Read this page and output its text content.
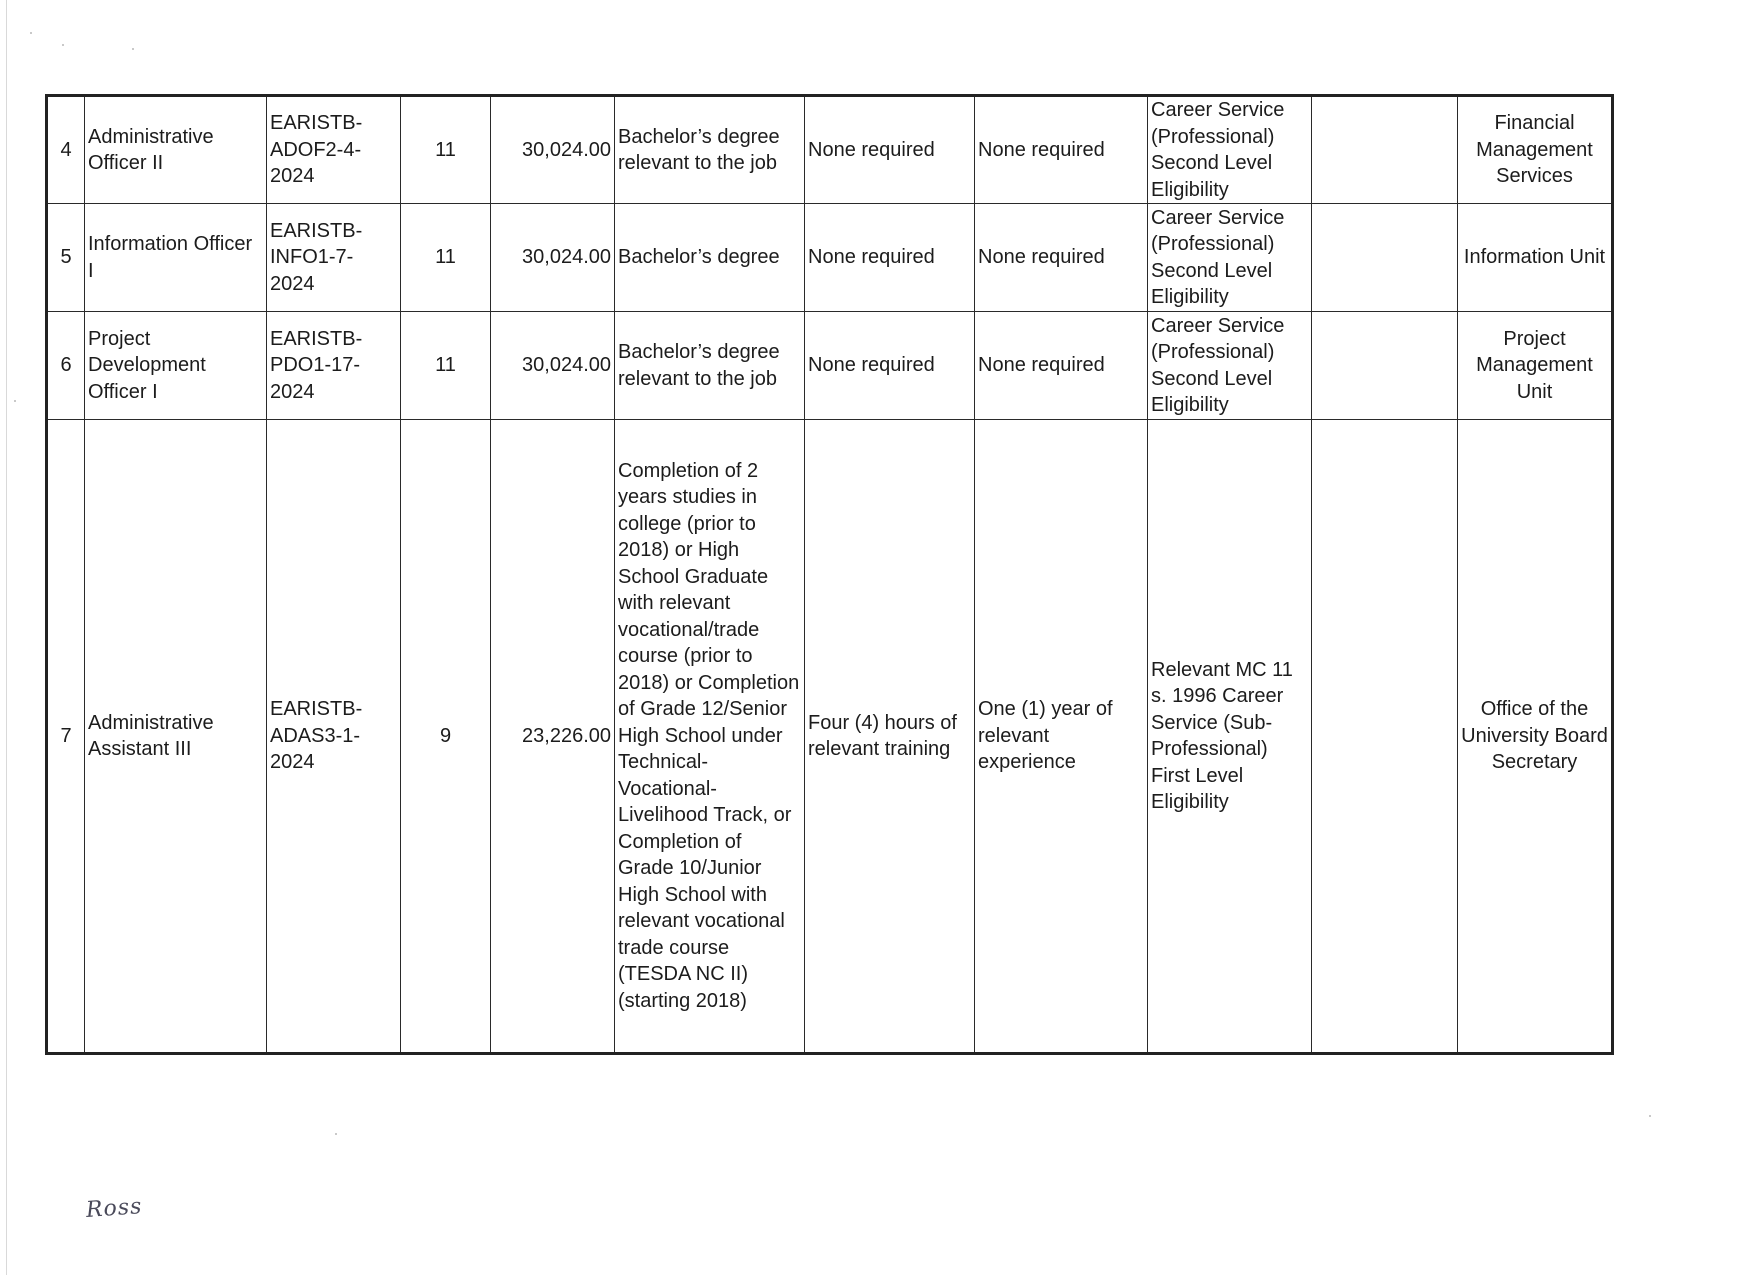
4	Administrative Officer II	EARISTB-ADOF2-4-2024	11	30,024.00	Bachelor’s degree relevant to the job	None required	None required	Career Service (Professional) Second Level Eligibility		Financial Management Services
5	Information Officer I	EARISTB-INFO1-7-2024	11	30,024.00	Bachelor’s degree	None required	None required	Career Service (Professional) Second Level Eligibility		Information Unit
6	Project Development Officer I	EARISTB-PDO1-17-2024	11	30,024.00	Bachelor’s degree relevant to the job	None required	None required	Career Service (Professional) Second Level Eligibility		Project Management Unit
7	Administrative Assistant III	EARISTB-ADAS3-1-2024	9	23,226.00	Completion of 2 years studies in college (prior to 2018) or High School Graduate with relevant vocational/trade course (prior to 2018) or Completion of Grade 12/Senior High School under Technical-Vocational-Livelihood Track, or Completion of Grade 10/Junior High School with relevant vocational trade course (TESDA NC II) (starting 2018)	Four (4) hours of relevant training	One (1) year of relevant experience	Relevant MC 11 s. 1996 Career Service (Sub-Professional) First Level Eligibility		Office of the University Board Secretary
Ross
